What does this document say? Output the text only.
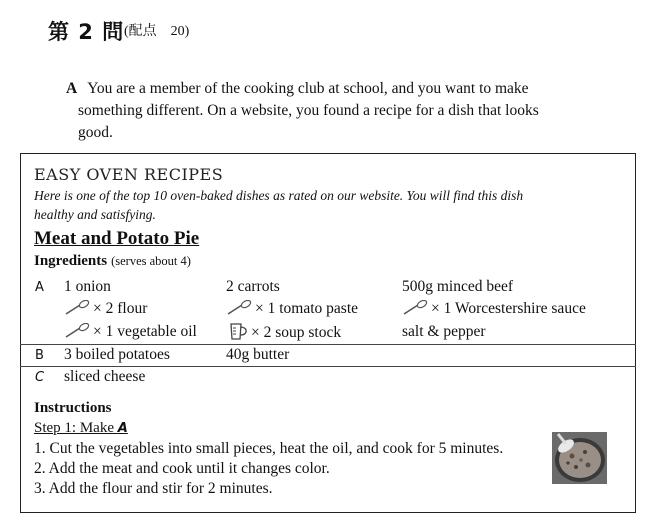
第 2 問 (配点　20)
A You are a member of the cooking club at school, and you want to make
something different. On a website, you found a recipe for a dish that looks
good.
EASY OVEN RECIPES
Here is one of the top 10 oven-baked dishes as rated on our website. You will find this dish
healthy and satisfying.
Meat and Potato Pie
Ingredients (serves about 4)
A 1 onion	2 carrots	500g minced beef
× 2 flour	× 1 tomato paste	× 1 Worcestershire sauce
× 1 vegetable oil	× 2 soup stock	salt & pepper
B 3 boiled potatoes	40g butter
C sliced cheese
Instructions
Step 1: Make A
1. Cut the vegetables into small pieces, heat the oil, and cook for 5 minutes.
2. Add the meat and cook until it changes color.
3. Add the flour and stir for 2 minutes.
